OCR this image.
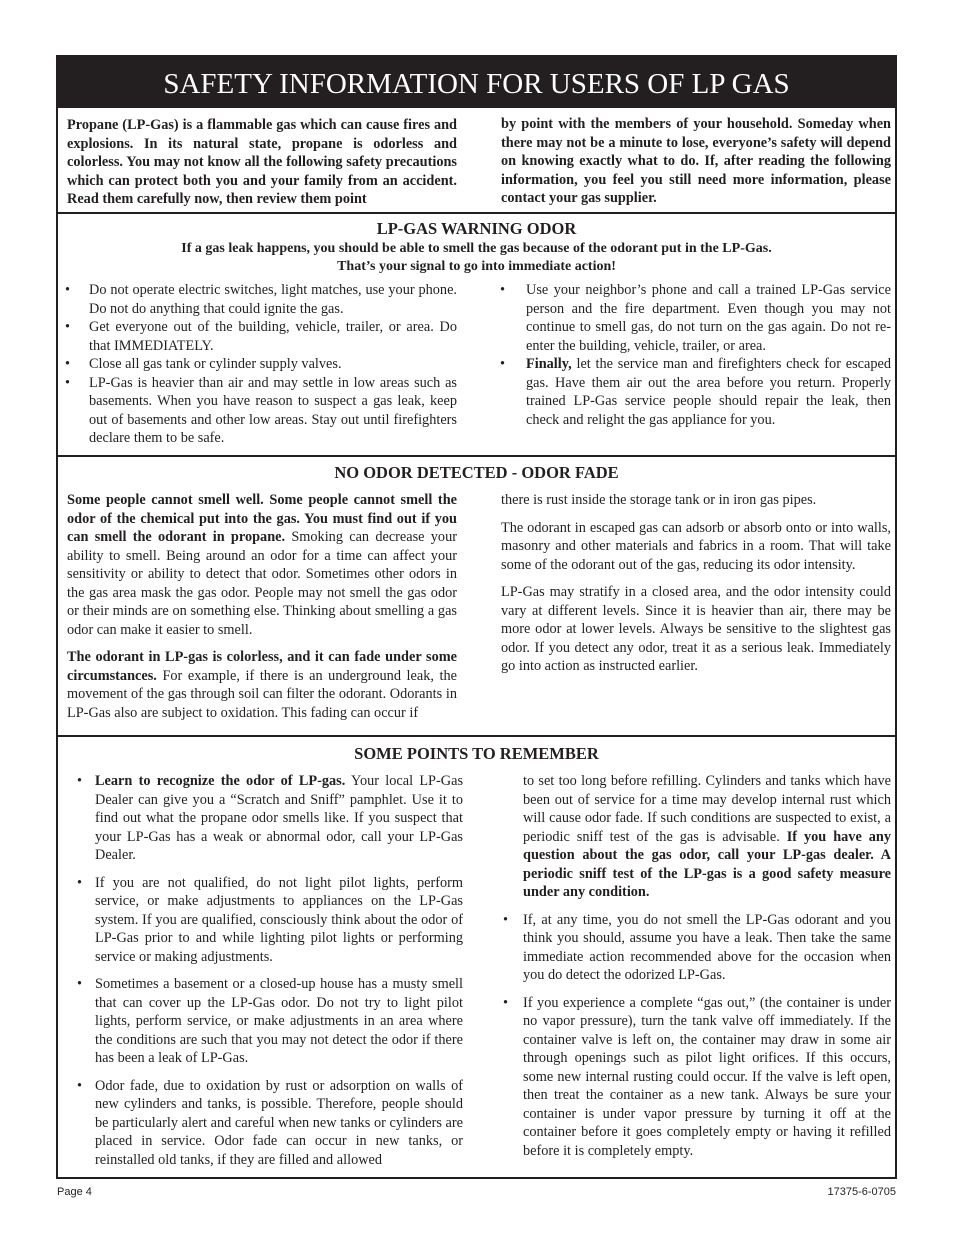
SAFETY INFORMATION FOR USERS OF LP GAS

Propane (LP-Gas) is a flammable gas which can cause fires and explosions. In its natural state, propane is odorless and colorless. You may not know all the following safety precautions which can protect both you and your family from an accident. Read them carefully now, then review them point

by point with the members of your household. Someday when there may not be a minute to lose, everyone’s safety will depend on knowing exactly what to do. If, after reading the following information, you feel you still need more information, please contact your gas supplier.

LP-GAS WARNING ODOR
If a gas leak happens, you should be able to smell the gas because of the odorant put in the LP-Gas.
That’s your signal to go into immediate action!
• Do not operate electric switches, light matches, use your phone. Do not do anything that could ignite the gas.
• Get everyone out of the building, vehicle, trailer, or area. Do that IMMEDIATELY.
• Close all gas tank or cylinder supply valves.
• LP-Gas is heavier than air and may settle in low areas such as basements. When you have reason to suspect a gas leak, keep out of basements and other low areas. Stay out until firefighters declare them to be safe.
• Use your neighbor’s phone and call a trained LP-Gas service person and the fire department. Even though you may not continue to smell gas, do not turn on the gas again. Do not re-enter the building, vehicle, trailer, or area.
• Finally, let the service man and firefighters check for escaped gas. Have them air out the area before you return. Properly trained LP-Gas service people should repair the leak, then check and relight the gas appliance for you.
NO ODOR DETECTED - ODOR FADE

Some people cannot smell well. Some people cannot smell the odor of the chemical put into the gas. You must find out if you can smell the odorant in propane. Smoking can decrease your ability to smell. Being around an odor for a time can affect your sensitivity or ability to detect that odor. Sometimes other odors in the gas area mask the gas odor. People may not smell the gas odor or their minds are on something else. Thinking about smelling a gas odor can make it easier to smell.

The odorant in LP-gas is colorless, and it can fade under some circumstances. For example, if there is an underground leak, the movement of the gas through soil can filter the odorant. Odorants in LP-Gas also are subject to oxidation. This fading can occur if

there is rust inside the storage tank or in iron gas pipes.

The odorant in escaped gas can adsorb or absorb onto or into walls, masonry and other materials and fabrics in a room. That will take some of the odorant out of the gas, reducing its odor intensity.

LP-Gas may stratify in a closed area, and the odor intensity could vary at different levels. Since it is heavier than air, there may be more odor at lower levels. Always be sensitive to the slightest gas odor. If you detect any odor, treat it as a serious leak. Immediately go into action as instructed earlier.

SOME POINTS TO REMEMBER
• Learn to recognize the odor of LP-gas. Your local LP-Gas Dealer can give you a “Scratch and Sniff” pamphlet. Use it to find out what the propane odor smells like. If you suspect that your LP-Gas has a weak or abnormal odor, call your LP-Gas Dealer.
• If you are not qualified, do not light pilot lights, perform service, or make adjustments to appliances on the LP-Gas system. If you are qualified, consciously think about the odor of LP-Gas prior to and while lighting pilot lights or performing service or making adjustments.
• Sometimes a basement or a closed-up house has a musty smell that can cover up the LP-Gas odor. Do not try to light pilot lights, perform service, or make adjustments in an area where the conditions are such that you may not detect the odor if there has been a leak of LP-Gas.
• Odor fade, due to oxidation by rust or adsorption on walls of new cylinders and tanks, is possible. Therefore, people should be particularly alert and careful when new tanks or cylinders are placed in service. Odor fade can occur in new tanks, or reinstalled old tanks, if they are filled and allowed

to set too long before refilling. Cylinders and tanks which have been out of service for a time may develop internal rust which will cause odor fade. If such conditions are suspected to exist, a periodic sniff test of the gas is advisable. If you have any question about the gas odor, call your LP-gas dealer. A periodic sniff test of the LP-gas is a good safety measure under any condition.

• If, at any time, you do not smell the LP-Gas odorant and you think you should, assume you have a leak. Then take the same immediate action recommended above for the occasion when you do detect the odorized LP-Gas.
• If you experience a complete “gas out,” (the container is under no vapor pressure), turn the tank valve off immediately. If the container valve is left on, the container may draw in some air through openings such as pilot light orifices. If this occurs, some new internal rusting could occur. If the valve is left open, then treat the container as a new tank. Always be sure your container is under vapor pressure by turning it off at the container before it goes completely empty or having it refilled before it is completely empty.
Page 4	17375-6-0705
